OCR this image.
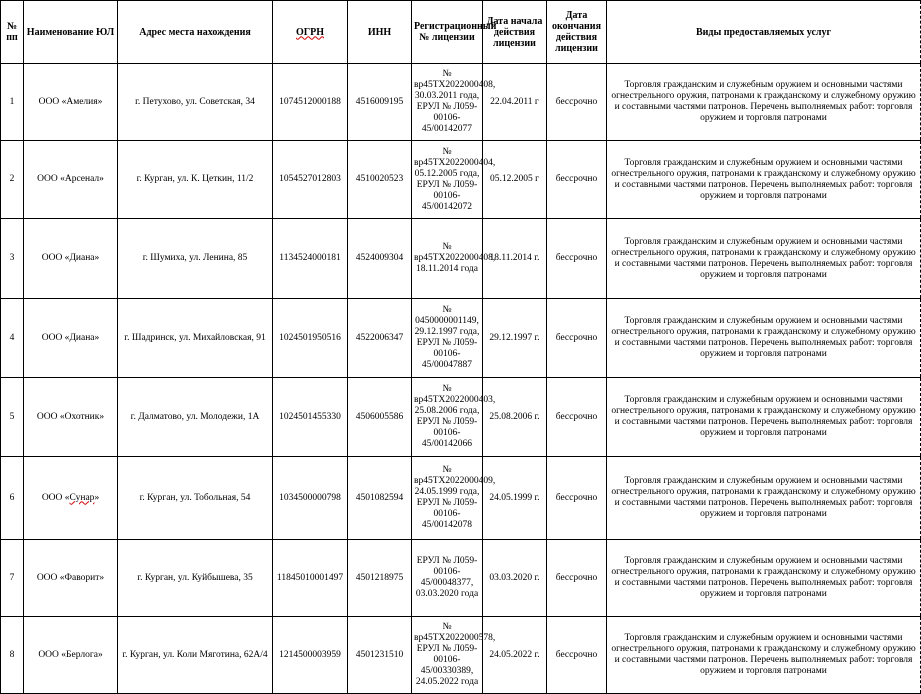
№ пп	Наименование ЮЛ	Адрес места нахождения	ОГРН	ИНН	Регистрационный № лицензии	Дата начала действия лицензии	Дата окончания действия лицензии	Виды предоставляемых услуг
1	ООО «Амелия»	г. Петухово, ул. Советская, 34	1074512000188	4516009195	№ вр45ТХ2022000408, 30.03.2011 года, ЕРУЛ № Л059-00106-45/00142077	22.04.2011 г	бессрочно	Торговля гражданским и служебным оружием и основными частями огнестрельного оружия, патронами к гражданскому и служебному оружию и составными частями патронов. Перечень выполняемых работ: торговля оружием и торговля патронами
2	ООО «Арсенал»	г. Курган, ул. К. Цеткин, 11/2	1054527012803	4510020523	№ вр45ТХ2022000404, 05.12.2005 года, ЕРУЛ № Л059-00106-45/00142072	05.12.2005 г	бессрочно	Торговля гражданским и служебным оружием и основными частями огнестрельного оружия, патронами к гражданскому и служебному оружию и составными частями патронов. Перечень выполняемых работ: торговля оружием и торговля патронами
3	ООО «Диана»	г. Шумиха, ул. Ленина, 85	1134524000181	4524009304	№ вр45ТХ2022000408, 18.11.2014 года	18.11.2014 г.	бессрочно	Торговля гражданским и служебным оружием и основными частями огнестрельного оружия, патронами к гражданскому и служебному оружию и составными частями патронов. Перечень выполняемых работ: торговля оружием и торговля патронами
4	ООО «Диана»	г. Шадринск, ул. Михайловская, 91	1024501950516	4522006347	№ 0450000001149, 29.12.1997 года, ЕРУЛ № Л059-00106-45/00047887	29.12.1997 г.	бессрочно	Торговля гражданским и служебным оружием и основными частями огнестрельного оружия, патронами к гражданскому и служебному оружию и составными частями патронов. Перечень выполняемых работ: торговля оружием и торговля патронами
5	ООО «Охотник»	г. Далматово, ул. Молодежи, 1А	1024501455330	4506005586	№ вр45ТХ2022000403, 25.08.2006 года, ЕРУЛ № Л059-00106-45/00142066	25.08.2006 г.	бессрочно	Торговля гражданским и служебным оружием и основными частями огнестрельного оружия, патронами к гражданскому и служебному оружию и составными частями патронов. Перечень выполняемых работ: торговля оружием и торговля патронами
6	ООО «Сунар»	г. Курган, ул. Тобольная, 54	1034500000798	4501082594	№ вр45ТХ2022000409, 24.05.1999 года, ЕРУЛ № Л059-00106-45/00142078	24.05.1999 г.	бессрочно	Торговля гражданским и служебным оружием и основными частями огнестрельного оружия, патронами к гражданскому и служебному оружию и составными частями патронов. Перечень выполняемых работ: торговля оружием и торговля патронами
7	ООО «Фаворит»	г. Курган, ул. Куйбышева, 35	11845010001497	4501218975	ЕРУЛ № Л059-00106-45/00048377, 03.03.2020 года	03.03.2020 г.	бессрочно	Торговля гражданским и служебным оружием и основными частями огнестрельного оружия, патронами к гражданскому и служебному оружию и составными частями патронов. Перечень выполняемых работ: торговля оружием и торговля патронами
8	ООО «Берлога»	г. Курган, ул. Коли Мяготина, 62А/4	1214500003959	4501231510	№ вр45ТХ2022000578, ЕРУЛ № Л059-00106-45/00330389, 24.05.2022 года	24.05.2022 г.	бессрочно	Торговля гражданским и служебным оружием и основными частями огнестрельного оружия, патронами к гражданскому и служебному оружию и составными частями патронов. Перечень выполняемых работ: торговля оружием и торговля патронами
